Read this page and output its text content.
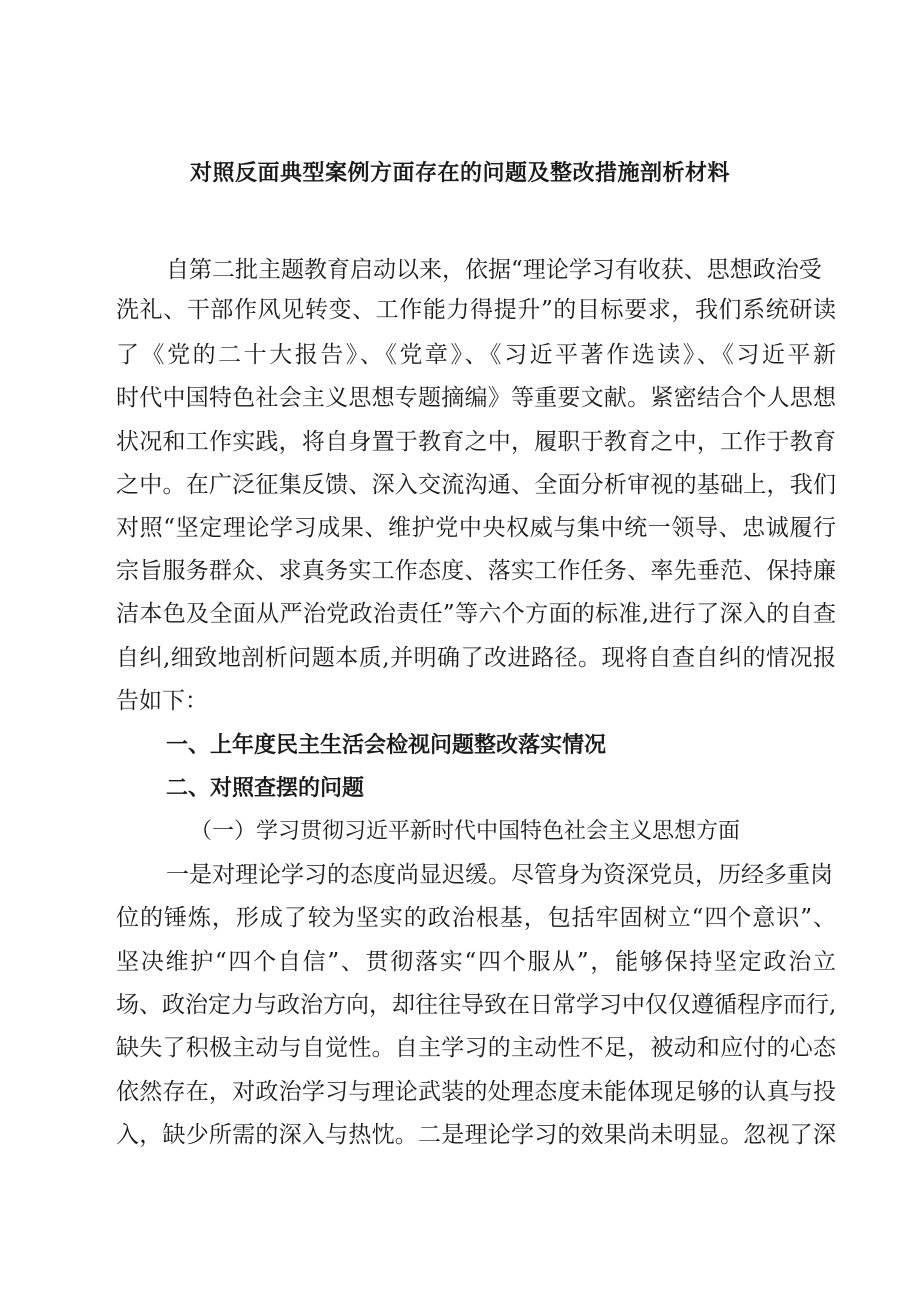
对照反面典型案例方面存在的问题及整改措施剖析材料

自第二批主题教育启动以来，依据“理论学习有收获、思想政治受

洗礼、干部作风见转变、工作能力得提升”的目标要求，我们系统研读

了《党的二十大报告》、《党章》、《习近平著作选读》、《习近平新

时代中国特色社会主义思想专题摘编》等重要文献。紧密结合个人思想

状况和工作实践，将自身置于教育之中，履职于教育之中，工作于教育

之中。在广泛征集反馈、深入交流沟通、全面分析审视的基础上，我们

对照“坚定理论学习成果、维护党中央权威与集中统一领导、忠诚履行

宗旨服务群众、求真务实工作态度、落实工作任务、率先垂范、保持廉

洁本色及全面从严治党政治责任”等六个方面的标准,进行了深入的自查

自纠,细致地剖析问题本质,并明确了改进路径。现将自查自纠的情况报

告如下：

一、上年度民主生活会检视问题整改落实情况
二、对照查摆的问题
（一）学习贯彻习近平新时代中国特色社会主义思想方面

一是对理论学习的态度尚显迟缓。尽管身为资深党员，历经多重岗

位的锤炼，形成了较为坚实的政治根基，包括牢固树立“四个意识”、

坚决维护“四个自信”、贯彻落实“四个服从”，能够保持坚定政治立

场、政治定力与政治方向，却往往导致在日常学习中仅仅遵循程序而行,

缺失了积极主动与自觉性。自主学习的主动性不足，被动和应付的心态

依然存在，对政治学习与理论武装的处理态度未能体现足够的认真与投

入，缺少所需的深入与热忱。二是理论学习的效果尚未明显。忽视了深
